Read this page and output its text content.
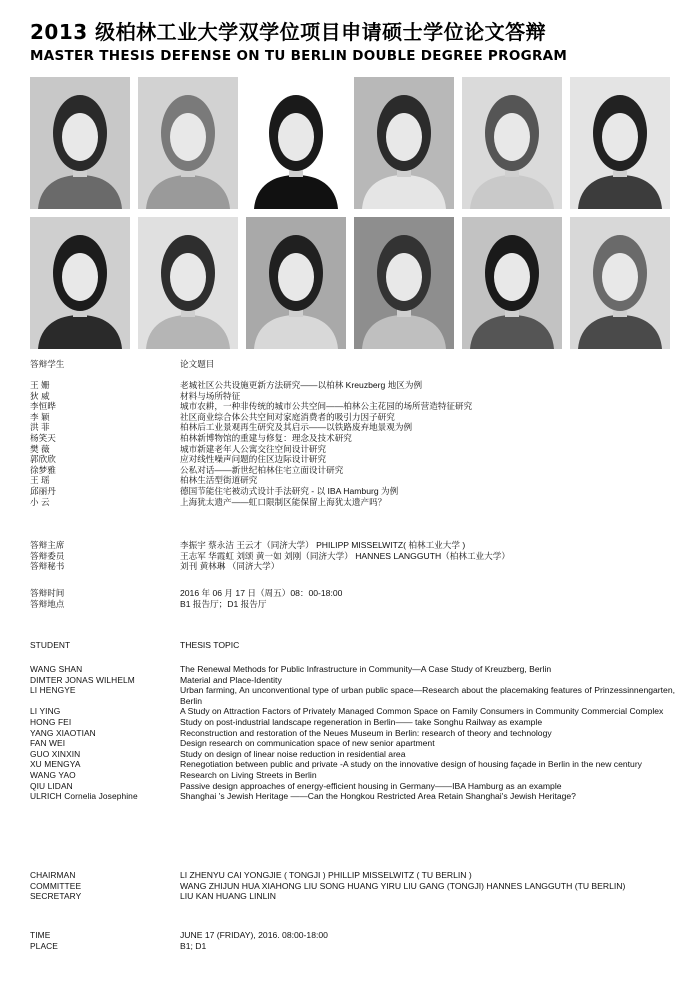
2013 级柏林工业大学双学位项目申请硕士学位论文答辩
MASTER THESIS DEFENSE ON TU BERLIN DOUBLE DEGREE PROGRAM
答辩学生	论文题目
王 姗	老城社区公共设施更新方法研究——以柏林 Kreuzberg 地区为例
狄 威	材料与场所特征
李恒晔	城市农耕，一种非传统的城市公共空间——柏林公主花园的场所营造特征研究
李 颖	社区商业综合体公共空间对家庭消费者的吸引力因子研究
洪 菲	柏林后工业景观再生研究及其启示——以铁路废弃地景观为例
杨笑天	柏林新博物馆的重建与修复：理念及技术研究
樊 薇	城市新建老年人公寓交往空间设计研究
郭欣欣	应对线性噪声问题的住区边际设计研究
徐梦雅	公私对话——新世纪柏林住宅立面设计研究
王 瑶	柏林生活型街道研究
邱丽丹	德国节能住宅被动式设计手法研究 - 以 IBA Hamburg 为例
小 云	上海犹太遗产——虹口限制区能保留上海犹太遗产吗？
答辩主席	李振宇 蔡永洁 王云才（同济大学） PHILIPP MISSELWITZ( 柏林工业大学 )
答辩委员	王志军 华霞虹 刘颂 黄一如 刘刚（同济大学） HANNES LANGGUTH（柏林工业大学）
答辩秘书	刘刊 黄林琳 （同济大学）
答辩时间	2016 年 06 月 17 日（周五）08：00-18:00
答辩地点	B1 报告厅；D1 报告厅
STUDENT	THESIS TOPIC
WANG SHAN	The Renewal Methods for Public Infrastructure in Community—A Case Study of Kreuzberg, Berlin
DIMTER JONAS WILHELM	Material and Place-Identity
LI HENGYE	Urban farming, An unconventional type of urban public space—Research about the placemaking features of Prinzessinnengarten, Berlin
LI YING	A Study on Attraction Factors of Privately Managed Common Space on Family Consumers in Community Commercial Complex
HONG FEI	Study on post-industrial landscape regeneration in Berlin—— take Songhu Railway as example
YANG XIAOTIAN	Reconstruction and restoration of the Neues Museum in Berlin: research of theory and technology
FAN WEI	Design research on communication space of new senior apartment
GUO XINXIN	Study on design of linear noise reduction in residential area
XU MENGYA	Renegotiation between public and private -A study on the innovative design of housing façade in Berlin in the new century
WANG YAO	Research on Living Streets in Berlin
QIU LIDAN	Passive design approaches of energy-efficient housing in Germany——IBA Hamburg as an example
ULRICH Cornelia Josephine	Shanghai 's Jewish Heritage ——Can the Hongkou Restricted Area Retain Shanghai's Jewish Heritage?
CHAIRMAN	LI ZHENYU CAI YONGJIE ( TONGJI ) PHILLIP MISSELWITZ ( TU BERLIN )
COMMITTEE	WANG ZHIJUN HUA XIAHONG LIU SONG HUANG YIRU LIU GANG (TONGJI) HANNES LANGGUTH (TU BERLIN)
SECRETARY	LIU KAN HUANG LINLIN
TIME	JUNE 17 (FRIDAY), 2016. 08:00-18:00
PLACE	B1; D1
